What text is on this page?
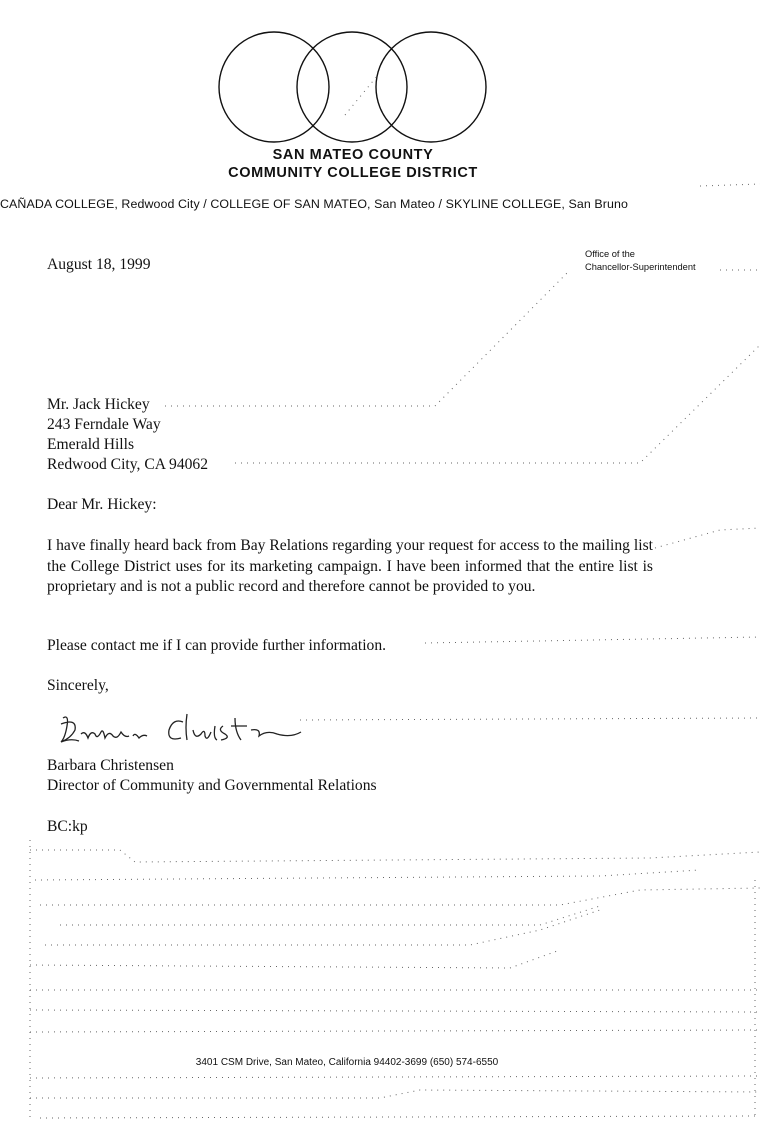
SAN MATEO COUNTY
COMMUNITY COLLEGE DISTRICT
CAÑADA COLLEGE, Redwood City / COLLEGE OF SAN MATEO, San Mateo / SKYLINE COLLEGE, San Bruno
Office of the
Chancellor-Superintendent
August 18, 1999
Mr. Jack Hickey
243 Ferndale Way
Emerald Hills
Redwood City, CA 94062
Dear Mr. Hickey:
I have finally heard back from Bay Relations regarding your request for access to the mailing list the College District uses for its marketing campaign. I have been informed that the entire list is proprietary and is not a public record and therefore cannot be provided to you.
Please contact me if I can provide further information.
Sincerely,
Barbara Christensen
Director of Community and Governmental Relations
BC:kp
3401 CSM Drive, San Mateo, California 94402-3699 (650) 574-6550
